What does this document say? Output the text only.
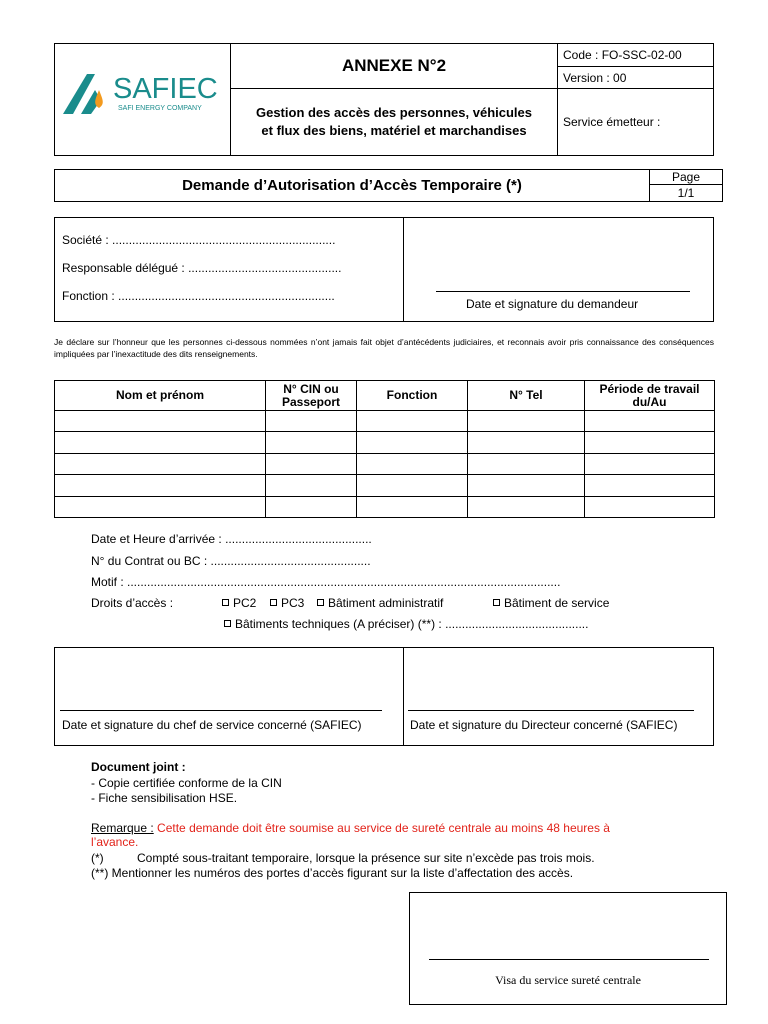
SAFIEC
SAFI ENERGY COMPANY
ANNEXE N°2
Gestion des accès des personnes, véhicules et flux des biens, matériel et marchandises
Code : FO-SSC-02-00
Version : 00
Service émetteur :
Demande d’Autorisation d’Accès Temporaire (*)	Page
1/1
Société : ...................................................................
Responsable délégué : ..............................................
Fonction : .................................................................
Date et signature du demandeur
Je déclare sur l’honneur que les personnes ci-dessous nommées n’ont jamais fait objet d’antécédents judiciaires, et reconnais avoir pris connaissance des conséquences impliquées par l’inexactitude des dits renseignements.
Nom et prénom	N° CIN ou Passeport	Fonction	N° Tel	Période de travail du/Au

Date et Heure d’arrivée : ............................................
N° du Contrat ou BC : ................................................
Motif : ..................................................................................................................................
Droits d’accès :	PC2	PC3	Bâtiment administratif	Bâtiment de service
Bâtiments techniques (A préciser) (**) : ...........................................
Date et signature du chef de service concerné (SAFIEC)	Date et signature du Directeur concerné (SAFIEC)
Document joint :
- Copie certifiée conforme de la CIN
- Fiche sensibilisation HSE.
Remarque : Cette demande doit être soumise au service de sureté centrale au moins 48 heures à
l’avance.
(*)	Compté sous-traitant temporaire, lorsque la présence sur site n’excède pas trois mois.
(**) Mentionner les numéros des portes d’accès figurant sur la liste d’affectation des accès.
Visa du service sureté centrale
